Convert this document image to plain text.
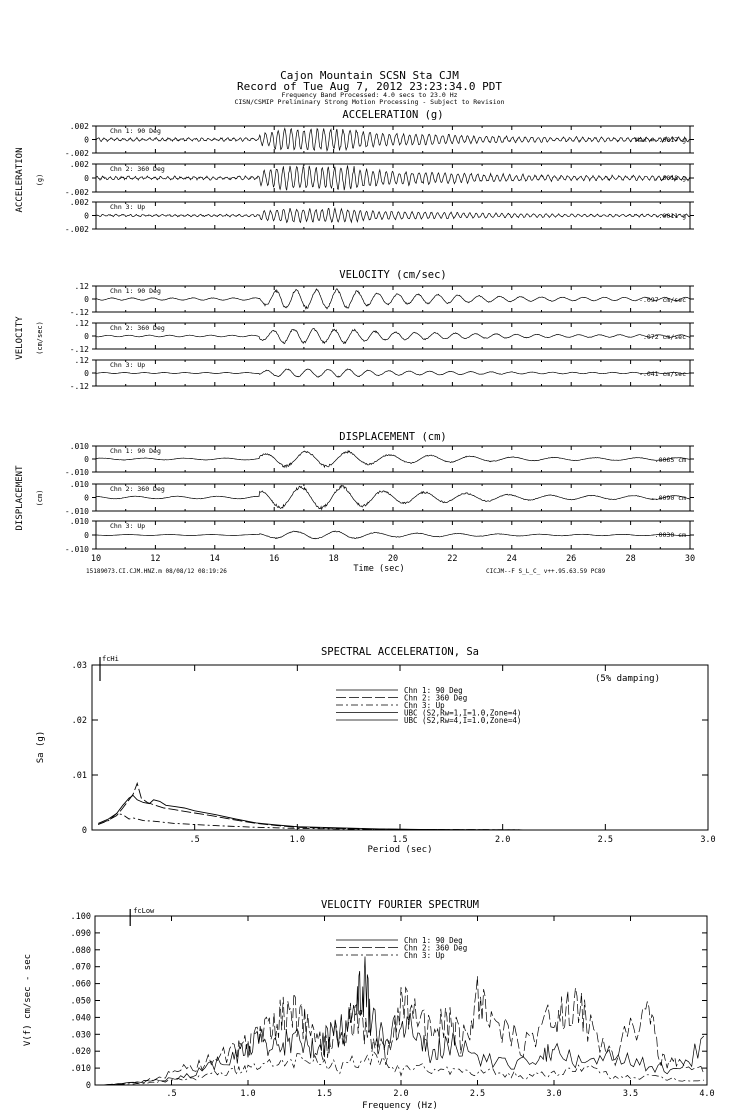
Cajon Mountain SCSN Sta CJM
Record of Tue Aug 7, 2012 23:23:34.0 PDT
Frequency Band Processed: 4.0 secs to 23.0 Hz
CISN/CSMIP Preliminary Strong Motion Processing - Subject to Revision
ACCELERATION (g)
ACCELERATION (g)
.002
0
-.002
Chn 1: 90 Deg
Max = .0017 g
.002
0
-.002
Chn 2: 360 Deg
-.0018 g
.002
0
-.002
Chn 3: Up
-.0011 g
VELOCITY (cm/sec)
VELOCITY (cm/sec)
.12
0
-.12
Chn 1: 90 Deg
-.097 cm/sec
.12
0
-.12
Chn 2: 360 Deg
.072 cm/sec
.12
0
-.12
Chn 3: Up
-.041 cm/sec
DISPLACEMENT (cm)
DISPLACEMENT (cm)
.010
0
-.010
Chn 1: 90 Deg
.0065 cm
.010
0
-.010
Chn 2: 360 Deg
-.0090 cm
.010
0
-.010
Chn 3: Up
-.0030 cm
10	12	14	16	18	20	22	24	26	28	30
Time (sec)
15189073.CI.CJM.HNZ.m 08/08/12 08:19:26	CICJM--F S_L_C_ v++.95.63.59 PC89
SPECTRAL ACCELERATION, Sa
Sa (g)
.03
.02
.01
0
.5	1.0	1.5	2.0	2.5	3.0
Period (sec)
fcHi
(5% damping)
Chn 1: 90 Deg
Chn 2: 360 Deg
Chn 3: Up
UBC (S2,Rw=1,I=1.0,Zone=4)
UBC (S2,Rw=4,I=1.0,Zone=4)
VELOCITY FOURIER SPECTRUM
V(f) cm/sec - sec
.100
.090
.080
.070
.060
.050
.040
.030
.020
.010
0
.5	1.0	1.5	2.0	2.5	3.0	3.5	4.0
Frequency (Hz)
fcLow
Chn 1: 90 Deg
Chn 2: 360 Deg
Chn 3: Up
